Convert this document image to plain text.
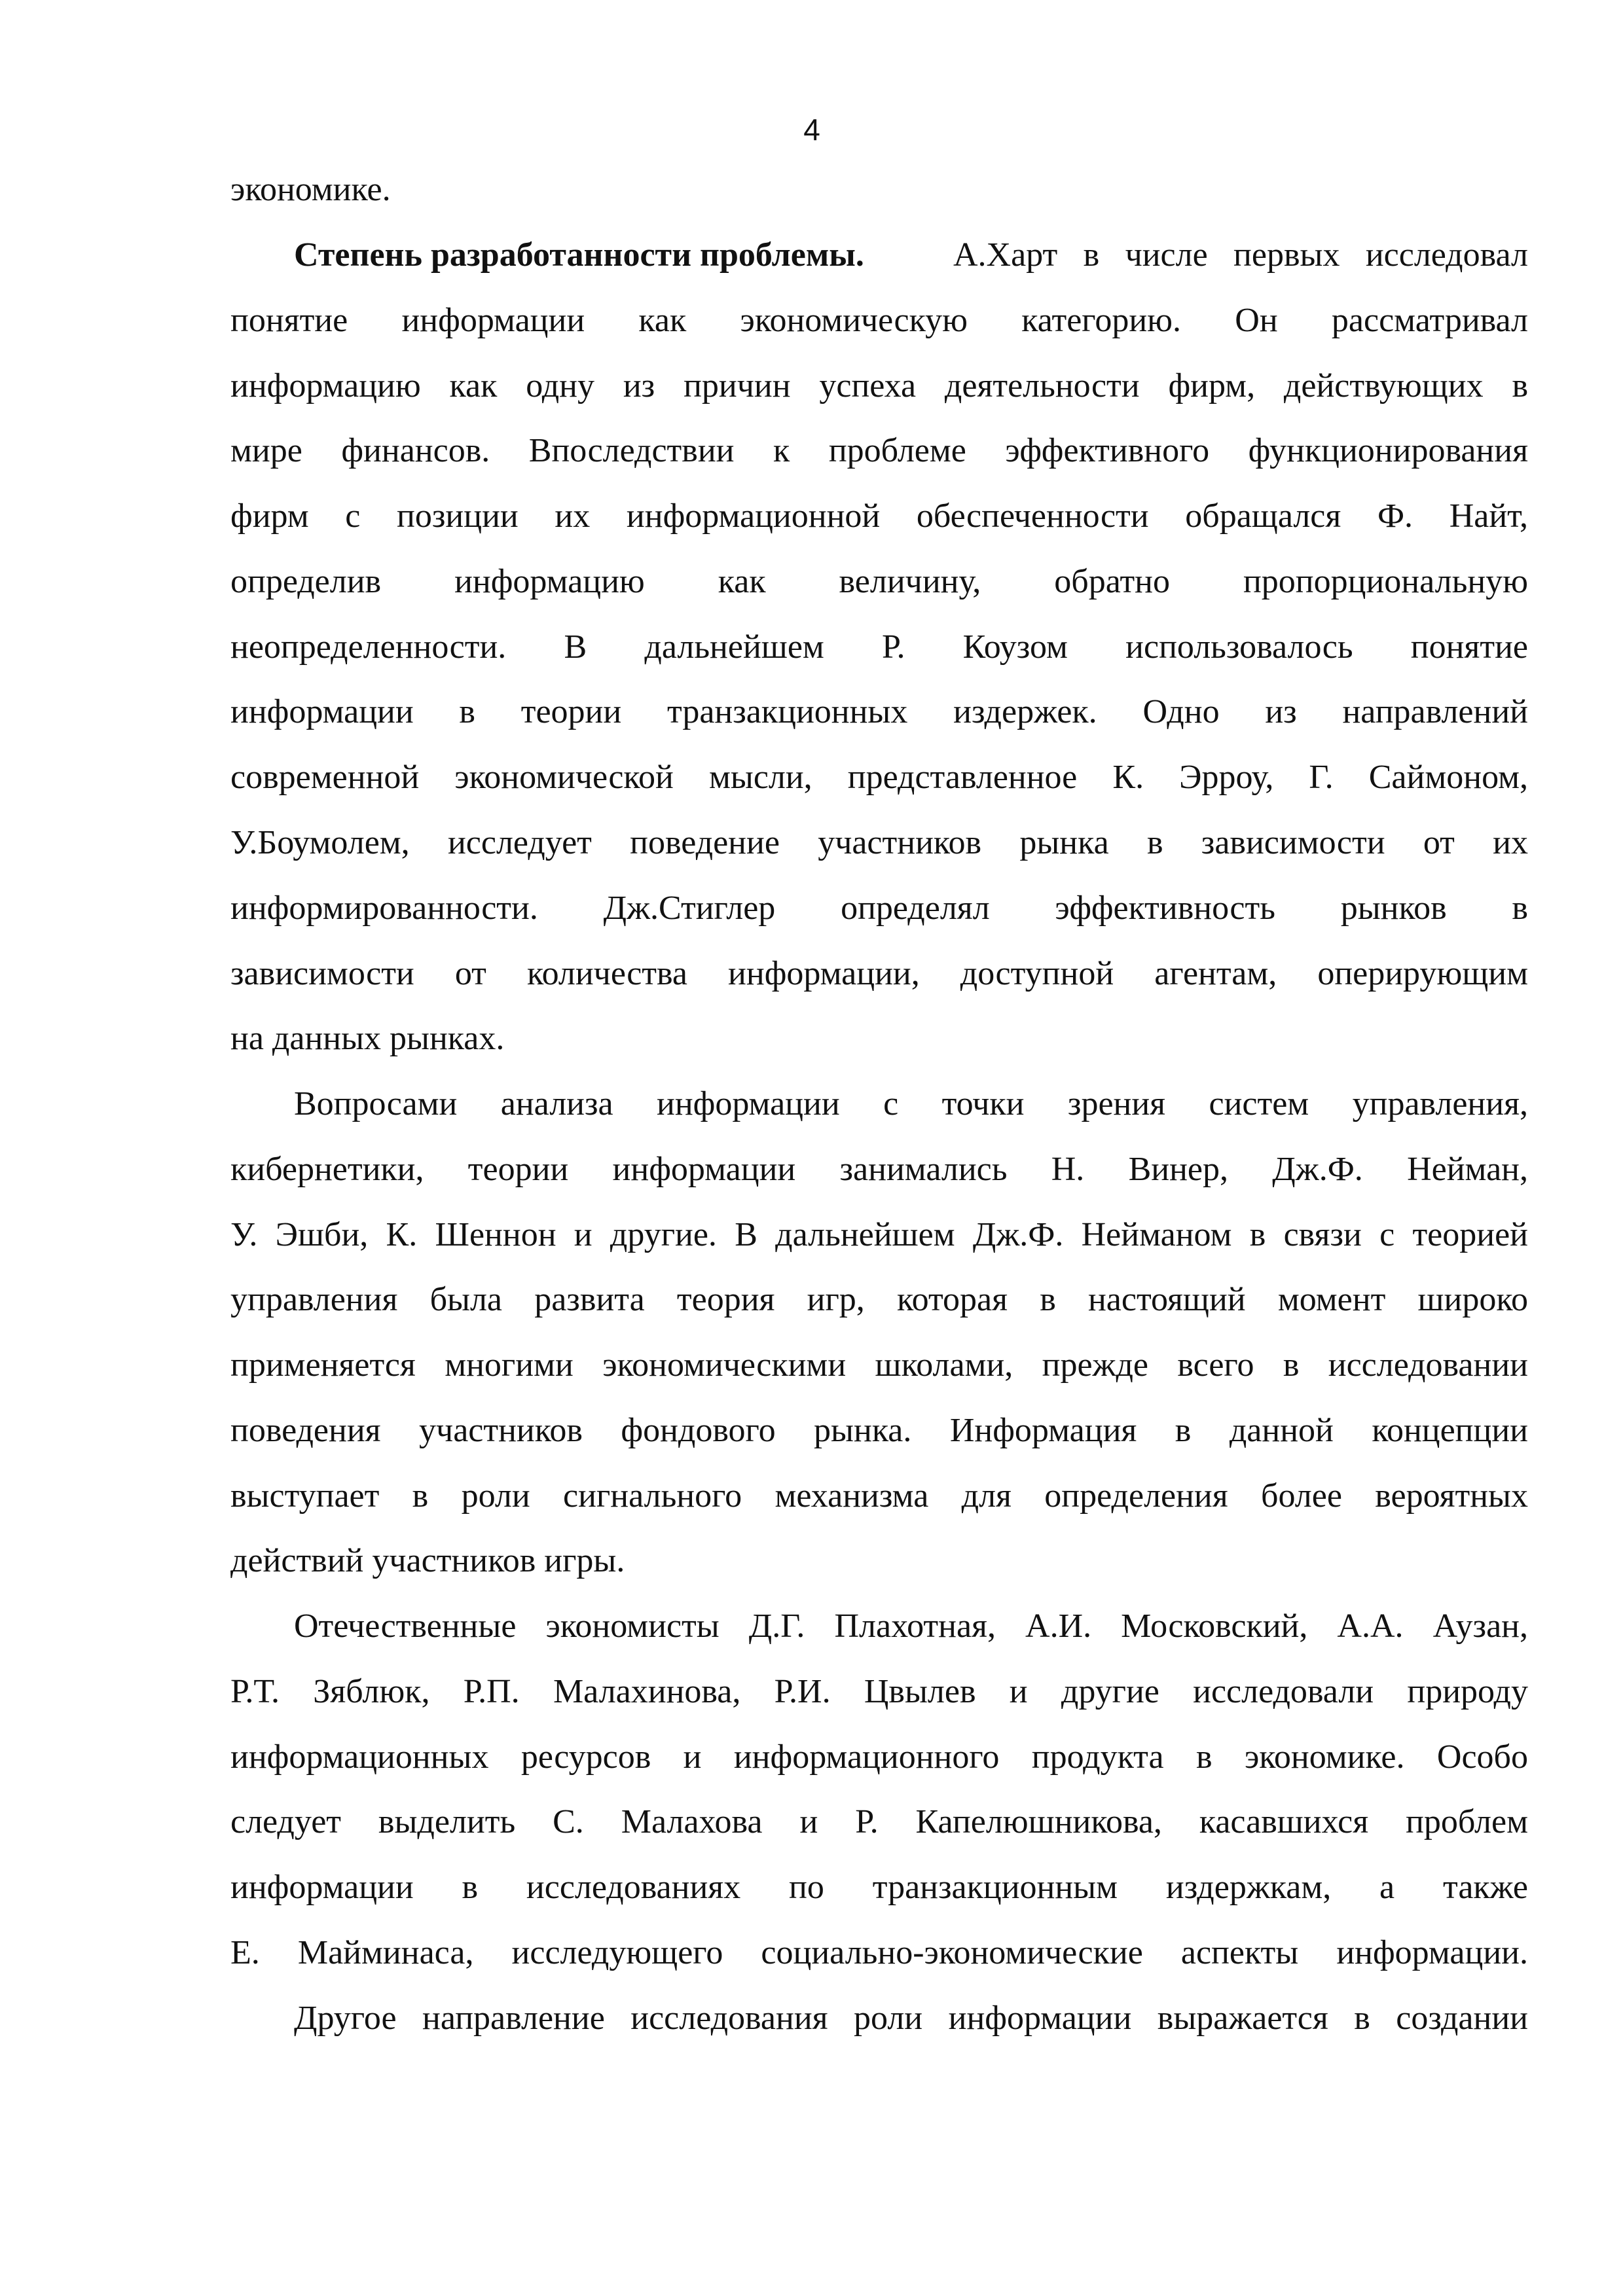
4
экономике.
Степень разработанности проблемы.	А.Харт в числе первых исследовал
понятие информации как экономическую категорию. Он рассматривал
информацию как одну из причин успеха деятельности фирм, действующих в
мире финансов. Впоследствии к проблеме эффективного функционирования
фирм с позиции их информационной обеспеченности обращался Ф. Найт,
определив информацию как величину, обратно пропорциональную
неопределенности. В дальнейшем Р. Коузом использовалось понятие
информации в теории транзакционных издержек. Одно из направлений
современной экономической мысли, представленное К. Эрроу, Г. Саймоном,
У.Боумолем, исследует поведение участников рынка в зависимости от их
информированности. Дж.Стиглер определял эффективность рынков в
зависимости от количества информации, доступной агентам, оперирующим
на данных рынках.
Вопросами анализа информации с точки зрения систем управления,
кибернетики, теории информации занимались Н. Винер, Дж.Ф. Нейман,
У. Эшби, К. Шеннон и другие. В дальнейшем Дж.Ф. Нейманом в связи с теорией
управления была развита теория игр, которая в настоящий момент широко
применяется многими экономическими школами, прежде всего в исследовании
поведения участников фондового рынка. Информация в данной концепции
выступает в роли сигнального механизма для определения более вероятных
действий участников игры.
Отечественные экономисты Д.Г. Плахотная, А.И. Московский, А.А. Аузан,
Р.Т. Зяблюк, Р.П. Малахинова, Р.И. Цвылев и другие исследовали природу
информационных ресурсов и информационного продукта в экономике. Особо
следует выделить С. Малахова и Р. Капелюшникова, касавшихся проблем
информации в исследованиях по транзакционным издержкам, а также
Е. Майминаса, исследующего социально-экономические аспекты информации.
Другое направление исследования роли информации выражается в создании
